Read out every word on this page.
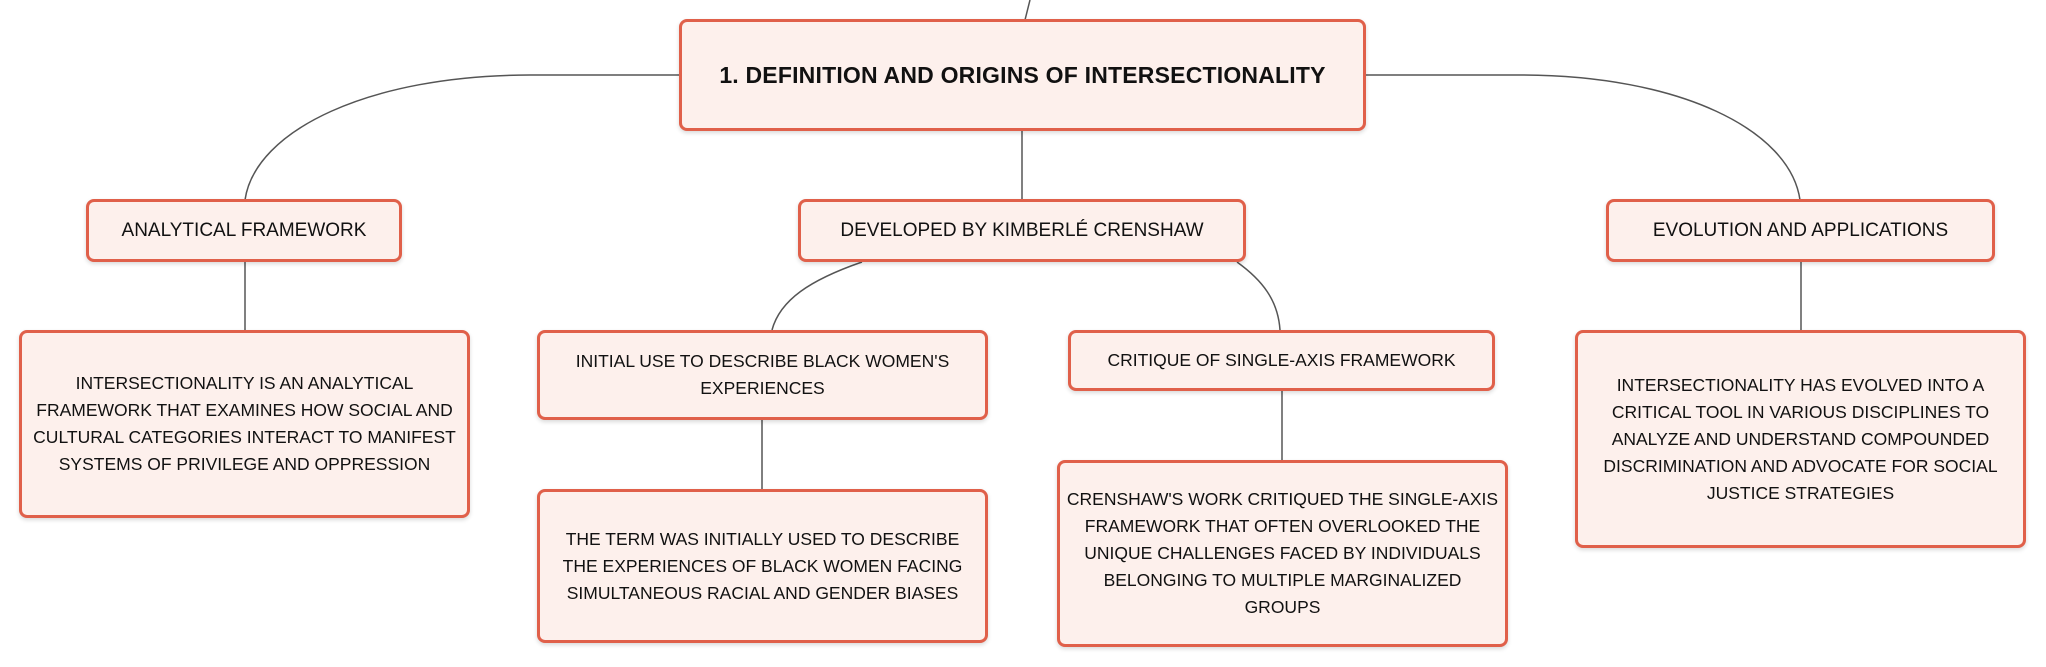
1. DEFINITION AND ORIGINS OF INTERSECTIONALITY
ANALYTICAL FRAMEWORK	DEVELOPED BY KIMBERLÉ CRENSHAW	EVOLUTION AND APPLICATIONS
INTERSECTIONALITY IS AN ANALYTICAL FRAMEWORK THAT EXAMINES HOW SOCIAL AND CULTURAL CATEGORIES INTERACT TO MANIFEST SYSTEMS OF PRIVILEGE AND OPPRESSION
INITIAL USE TO DESCRIBE BLACK WOMEN'S EXPERIENCES
CRITIQUE OF SINGLE-AXIS FRAMEWORK
INTERSECTIONALITY HAS EVOLVED INTO A CRITICAL TOOL IN VARIOUS DISCIPLINES TO ANALYZE AND UNDERSTAND COMPOUNDED DISCRIMINATION AND ADVOCATE FOR SOCIAL JUSTICE STRATEGIES
THE TERM WAS INITIALLY USED TO DESCRIBE THE EXPERIENCES OF BLACK WOMEN FACING SIMULTANEOUS RACIAL AND GENDER BIASES
CRENSHAW'S WORK CRITIQUED THE SINGLE-AXIS FRAMEWORK THAT OFTEN OVERLOOKED THE UNIQUE CHALLENGES FACED BY INDIVIDUALS BELONGING TO MULTIPLE MARGINALIZED GROUPS
